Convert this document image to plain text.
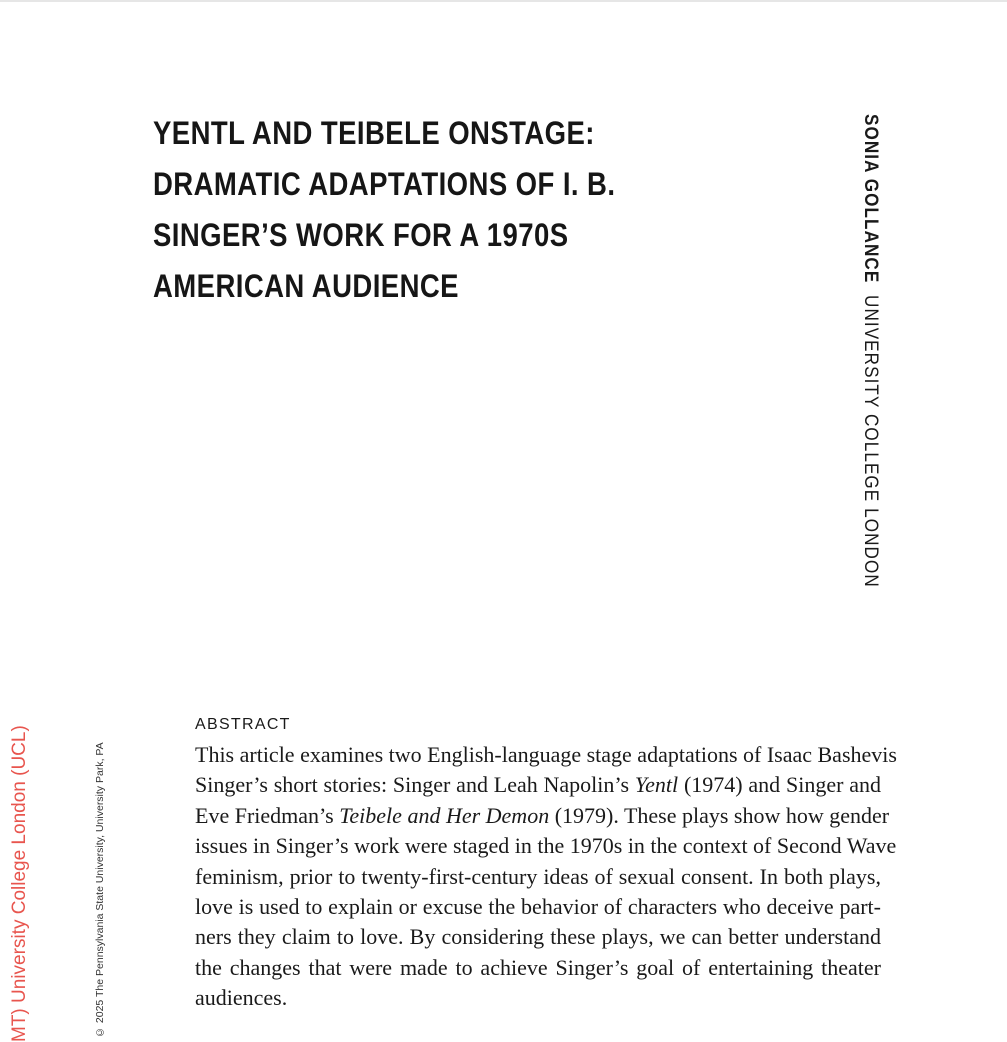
YENTL AND TEIBELE ONSTAGE:
DRAMATIC ADAPTATIONS OF I. B.
SINGER’S WORK FOR A 1970S
AMERICAN AUDIENCE
SONIA GOLLANCE  UNIVERSITY COLLEGE LONDON
MT) University College London (UCL)	© 2025 The Pennsylvania State University, University Park, PA
ABSTRACT
This article examines two English-language stage adaptations of Isaac Bashevis
Singer’s short stories: Singer and Leah Napolin’s Yentl (1974) and Singer and
Eve Friedman’s Teibele and Her Demon (1979). These plays show how gender
issues in Singer’s work were staged in the 1970s in the context of Second Wave
feminism, prior to twenty-first-century ideas of sexual consent. In both plays,
love is used to explain or excuse the behavior of characters who deceive part-
ners they claim to love. By considering these plays, we can better understand
the changes that were made to achieve Singer’s goal of entertaining theater
audiences.
